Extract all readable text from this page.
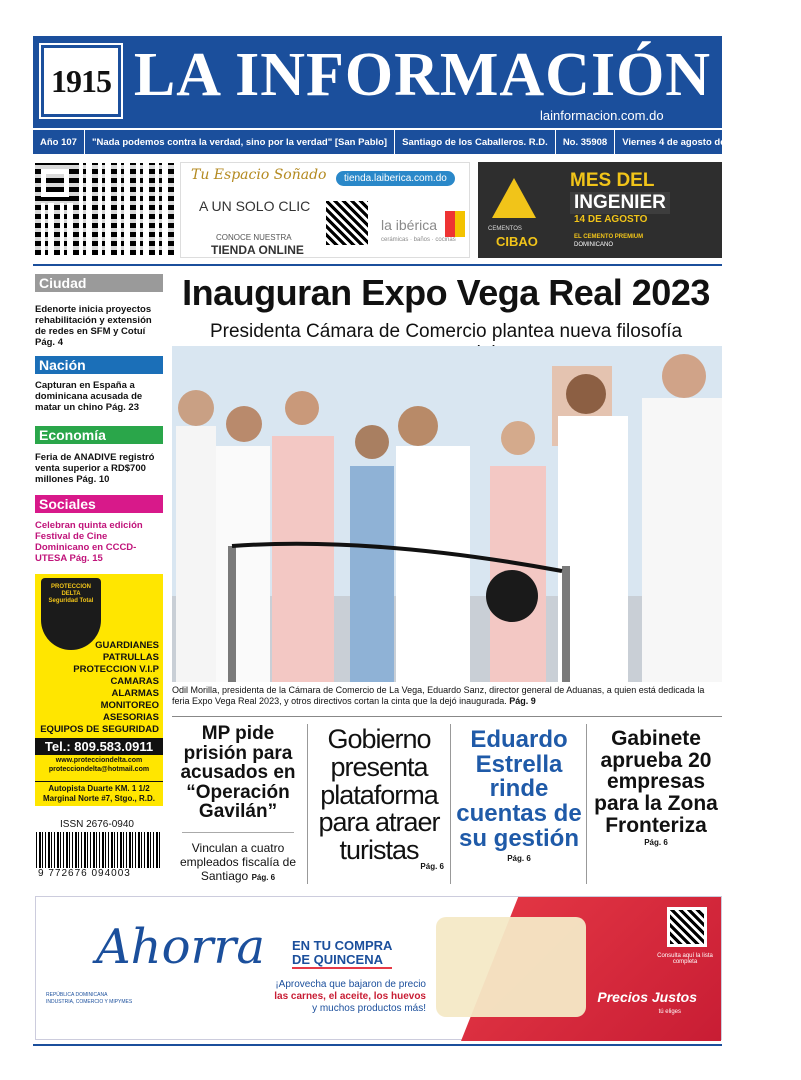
1915 LA INFORMACIÓN
lainformacion.com.do
Año 107	"Nada podemos contra la verdad, sino por la verdad" [San Pablo]	Santiago de los Caballeros. R.D.	No. 35908	Viernes 4 de agosto de 2023	RD$10
Tu Espacio Soñado
A UN SOLO CLIC
CONOCE NUESTRA
TIENDA ONLINE
tienda.laiberica.com.do
la ibérica
cerámicas · baños · cocinas
CEMENTOS
CIBAO
MES DEL
INGENIER
14 DE AGOSTO
EL CEMENTO PREMIUM
DOMINICANO
Ciudad
Edenorte inicia proyectos rehabilitación y extensión de redes en SFM y Cotuí Pág. 4
Nación
Capturan en España a dominicana acusada de matar un chino Pág. 23
Economía
Feria de ANADIVE registró venta superior a RD$700 millones Pág. 10
Sociales
Celebran quinta edición Festival de Cine Dominicano en CCCD-UTESA Pág. 15
PROTECCION DELTA Seguridad Total
GUARDIANES
PATRULLAS
PROTECCION V.I.P
CAMARAS
ALARMAS
MONITOREO
ASESORIAS
EQUIPOS DE SEGURIDAD
Tel.: 809.583.0911
www.protecciondelta.com
protecciondelta@hotmail.com
Autopista Duarte KM. 1 1/2
Marginal Norte #7, Stgo., R.D.
ISSN 2676-0940
9 772676 094003
Inauguran Expo Vega Real 2023
Presidenta Cámara de Comercio plantea nueva filosofía
Odil Morilla, presidenta de la Cámara de Comercio de La Vega, Eduardo Sanz, director general de Aduanas, a quien está dedicada la feria Expo Vega Real 2023, y otros directivos cortan la cinta que la dejó inaugurada. Pág. 9
MP pide prisión para acusados en “Operación Gavilán”
Vinculan a cuatro empleados fiscalía de Santiago Pág. 6
Gobierno presenta plataforma para atraer turistas
Pág. 6
Eduardo Estrella rinde cuentas de su gestión
Pág. 6
Gabinete aprueba 20 empresas para la Zona Fronteriza
Pág. 6
Ahorra EN TU COMPRA
DE QUINCENA
¡Aprovecha que bajaron de precio
las carnes, el aceite, los huevos
y muchos productos más!
REPÚBLICA DOMINICANA INDUSTRIA, COMERCIO Y MIPYMES
Consulta aquí la lista completa
Precios Justos
tú eliges
